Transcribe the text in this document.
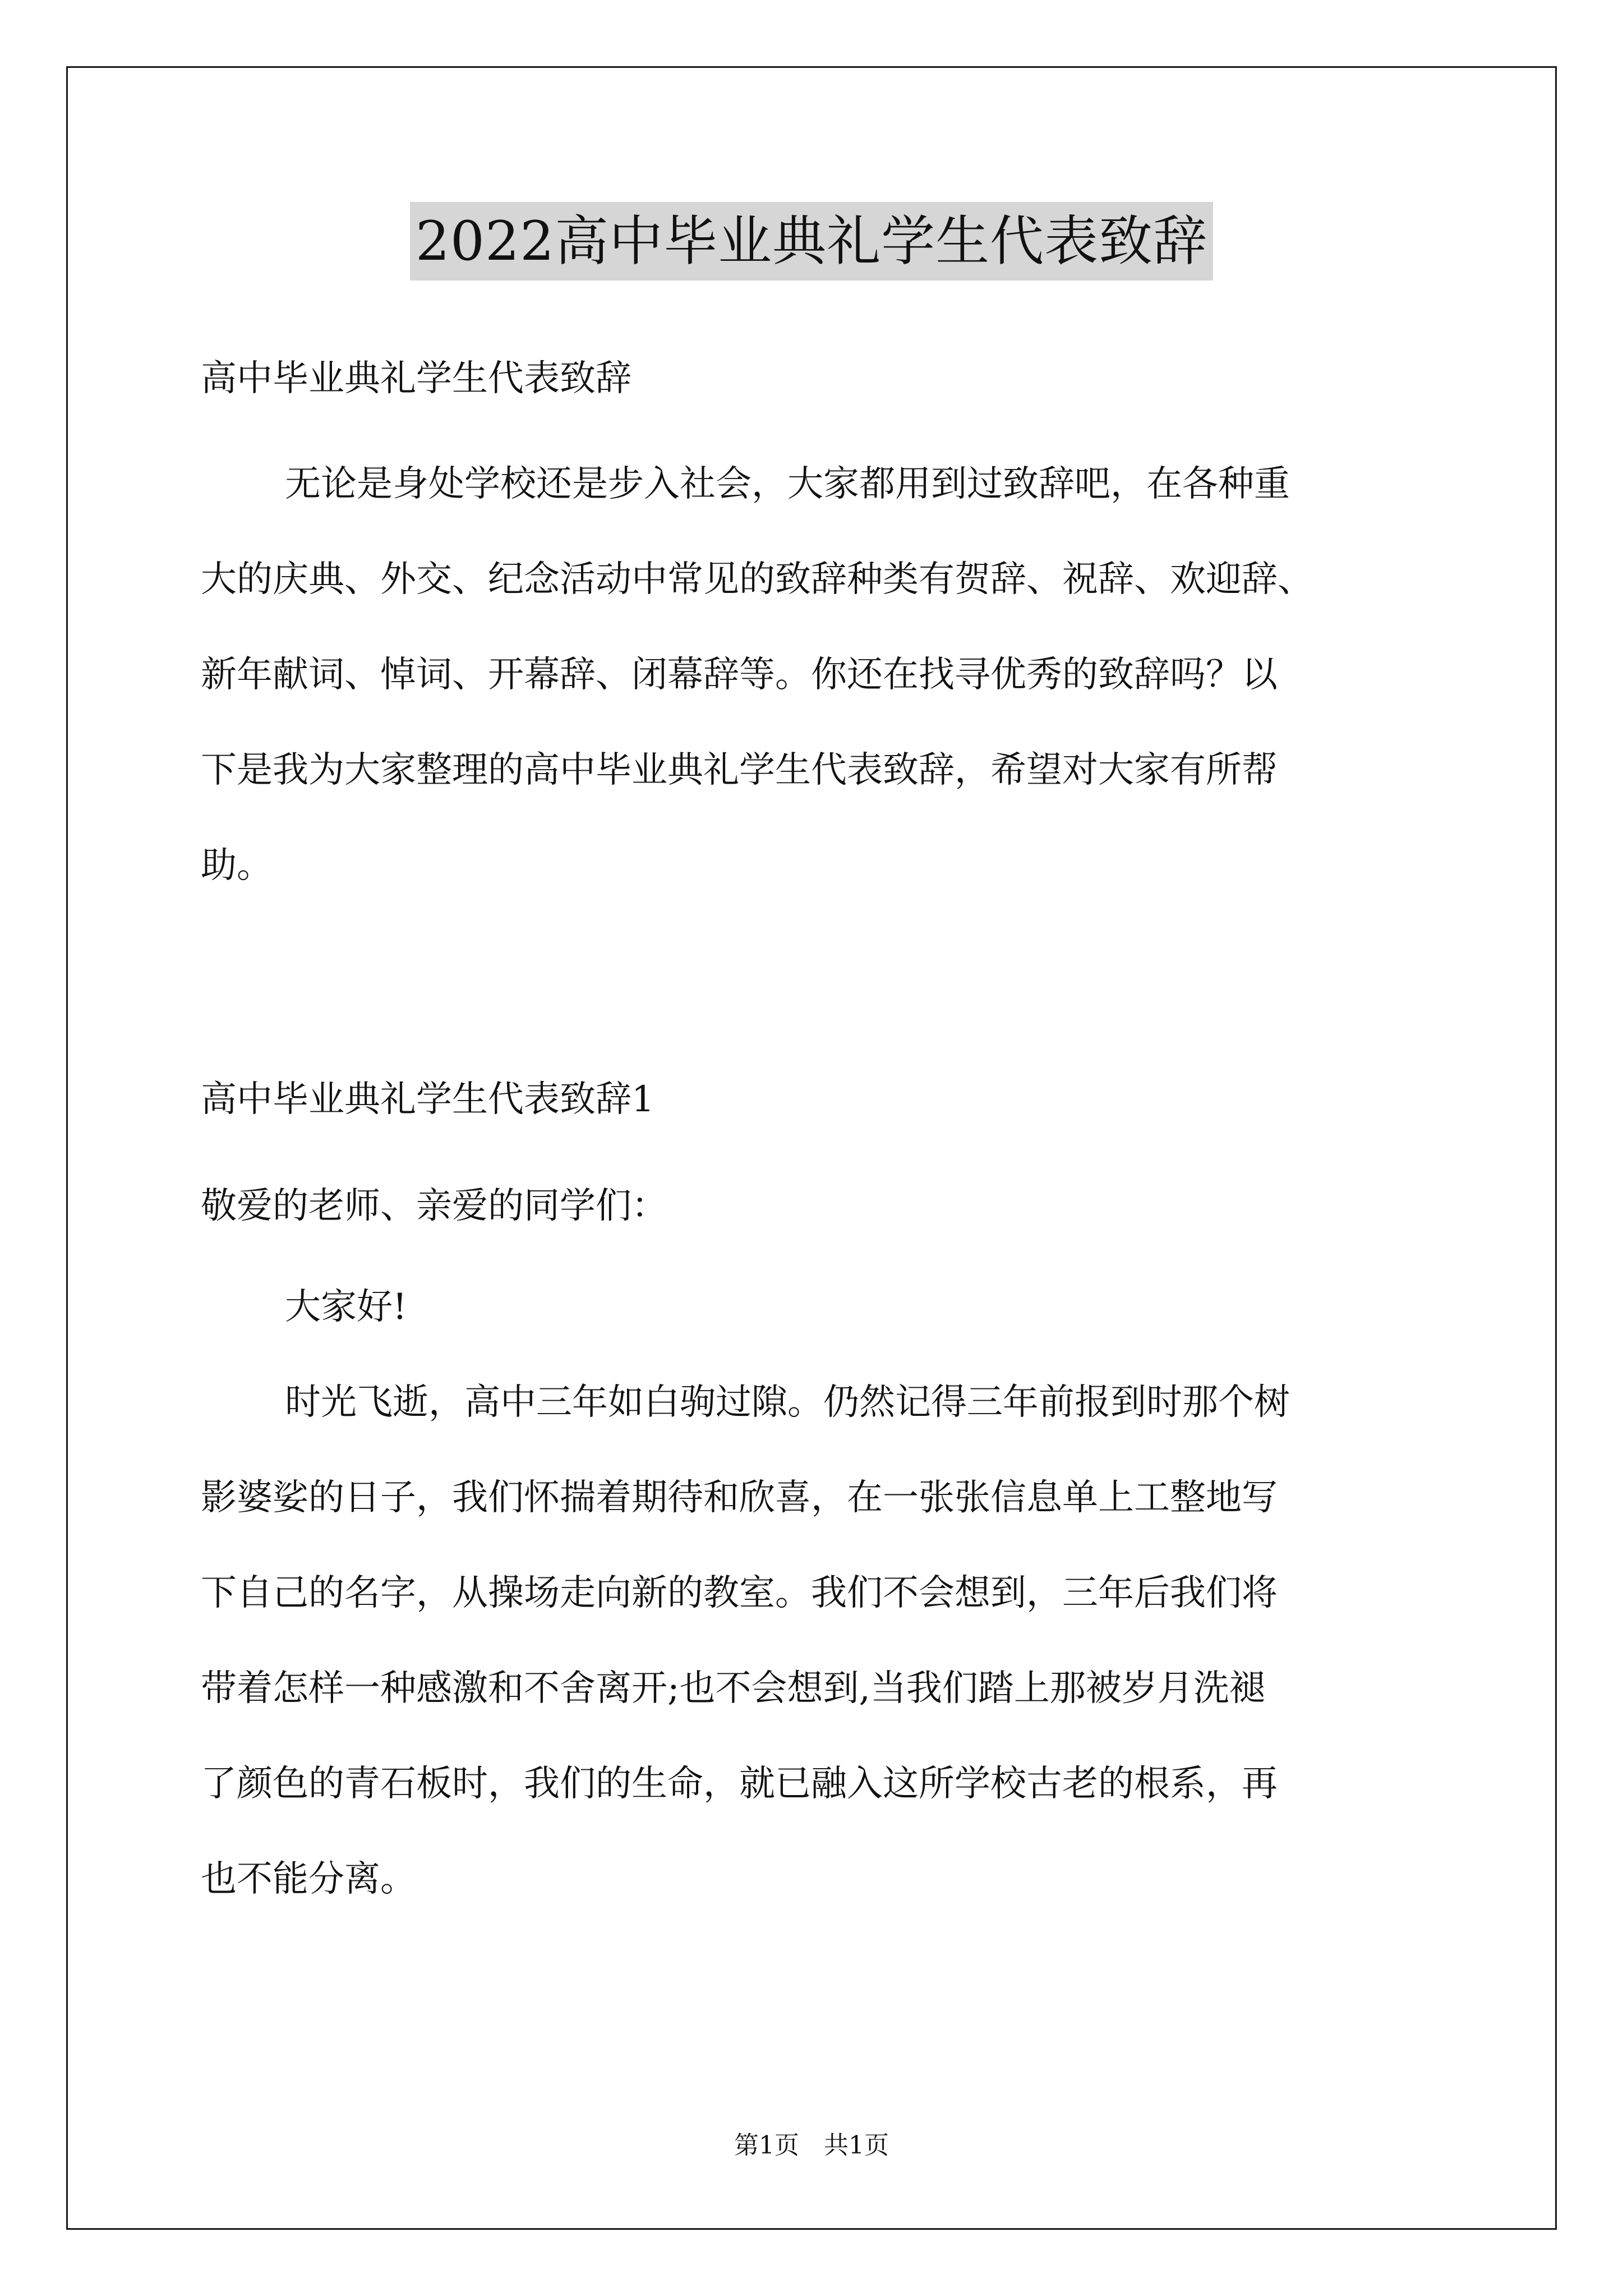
2022高中毕业典礼学生代表致辞
高中毕业典礼学生代表致辞
无论是身处学校还是步入社会，大家都用到过致辞吧，在各种重
大的庆典、外交、纪念活动中常见的致辞种类有贺辞、祝辞、欢迎辞、
新年献词、悼词、开幕辞、闭幕辞等。你还在找寻优秀的致辞吗？以
下是我为大家整理的高中毕业典礼学生代表致辞，希望对大家有所帮
助。
高中毕业典礼学生代表致辞1
敬爱的老师、亲爱的同学们：
大家好!
时光飞逝，高中三年如白驹过隙。仍然记得三年前报到时那个树
影婆娑的日子，我们怀揣着期待和欣喜，在一张张信息单上工整地写
下自己的名字，从操场走向新的教室。我们不会想到，三年后我们将
带着怎样一种感激和不舍离开;也不会想到,当我们踏上那被岁月洗褪
了颜色的青石板时，我们的生命，就已融入这所学校古老的根系，再
也不能分离。
第1页 共1页
